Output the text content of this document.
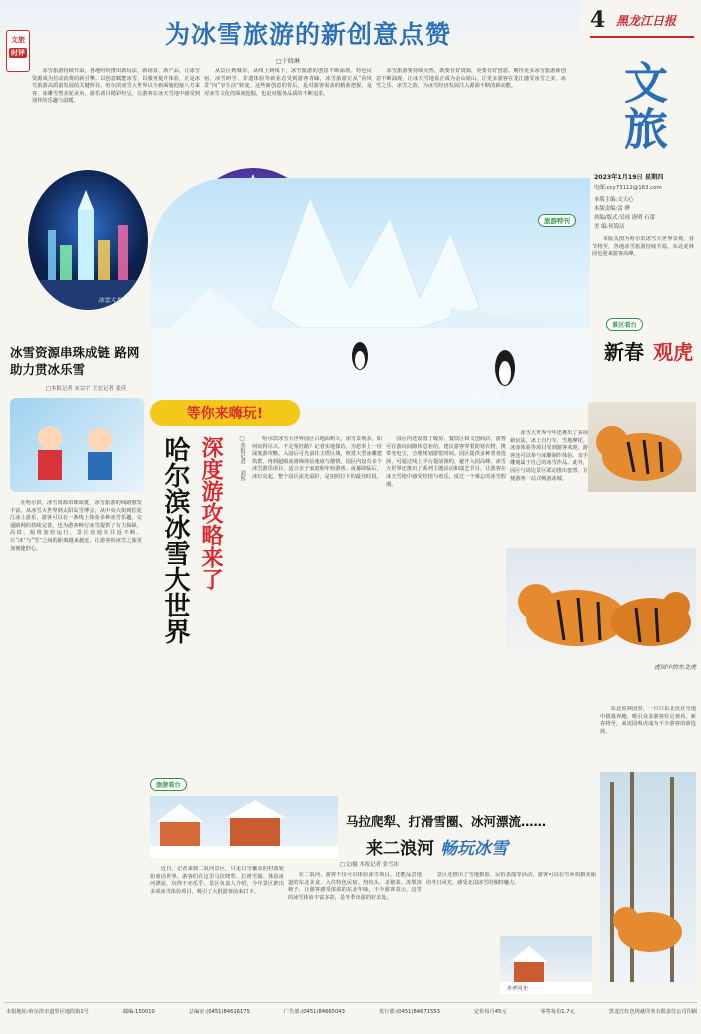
为冰雪旅游的新创意点赞
□于晓琳
文旅
时评
　　冰雪旅游持续升温，各地纷纷推出新玩法、新场景、新产品，让冰雪资源成为拉动消费的新引擎。以创意赋能冰雪，以服务提升体验，正是冰雪旅游高质量发展的关键所在。哈尔滨冰雪大世界以全新面貌迎接八方来客，冰雕雪塑美轮美奂，游乐项目精彩纷呈，让游客在冰天雪地中感受到别样的乐趣与温暖。
　　从景区到城市，从线上到线下，冰雪旅游的创意不断涌现。特色民宿、冰雪研学、非遗体验等新业态受到游客青睐，冰雪旅游正从“看风景”向“享生活”转变。这些新创意的背后，是对游客需求的精准把握，是对冰雪文化的深度挖掘，也是对服务品质的不断追求。
　　冰雪旅游要持续火热，既要有好资源，更要有好创意。期待更多冰雪旅游新创意不断涌现，让冰天雪地真正成为金山银山，让更多游客在龙江感受冰雪之美、冰雪之乐、冰雪之韵，为冰雪经济发展注入源源不断的新动能。
4 黑龙江日报
文旅
2023年1月19日 星期四
电邮:ccy73112@163.com
本版主编:文天心
本版责编:雷 晔
执编/版式:吴琼 唐明 石蕾
美 编:何海洁
冰雪大世界
旅游特刊
冰雪大世界
冰雪资源串珠成链 路网助力贯冰乐雪
□本报记者 宋宗宇 王宏记者 张佳
　　在哈尔滨，冰雪资源串珠成链，冰雪旅游的线路愈发丰富。从冰雪大世界到太阳岛雪博会，从中央大街到松花江冰上游乐，游客可以在一条线上体验多种冰雪乐趣。交通路网的持续完善，也为游客畅行冰雪提供了有力保障，高铁、航班加密运行，景区直通车往返不断，让“冰”与“雪”之间的距离越来越近，让游客的冰雪之旅更加便捷舒心。
等你来嗨玩!
深度游攻略来了
哈尔滨冰雪大世界	□本报记者 刘彤 　　哈尔滨冰雪大世界园区占地面积大、冰雪景观多，如何玩得尽兴、不走冤枉路？记者实地探访，为您奉上一份深度游攻略。入园后可先前往主塔区域，欣赏大型冰雕建筑群，再到超级冰滑梯体验速度与激情。园区内设有多个冰雪游乐项目，适合亲子家庭和年轻游客。夜幕降临后，冰灯亮起，整个园区流光溢彩，是拍照打卡的最佳时段。
　　园区内还设置了暖房、餐饮区和文创商店，游客可在游玩间隙休息补给。建议游客穿着防寒衣物，携带充电宝，合理规划游览时间。园区提供多种票务选择，可通过线上平台提前预约，避开入园高峰。冰雪大世界还推出了系列主题活动和演艺节目，让游客在冰天雪地中感受热情与欢乐，度过一个难忘的冰雪假期。
　　冰雪大世界今年还推出了多项新玩法，冰上自行车、雪地摩托、冰壶体验等项目受到游客欢迎。游客还可以参与冰雕制作体验，亲手雕刻属于自己的冰雪作品。此外，园区与周边景区联动推出套票，方便游客一站式畅游冰城。
　　本版头图为哈尔滨冰雪大世界景观。春节将至，各地冰雪旅游持续升温，东北虎林园也迎来游客高峰。
景区看台
新春 观虎
虎园中的东北虎
　　东北虎林园里，一只只东北虎在雪地中嬉戏奔跑，吸引众多游客驻足观看。新春将至，来虎园观虎成为不少游客的新选择。
旅游看台
马拉爬犁、打滑雪圈、冰河漂流……
来二浪河 畅玩冰雪
□文/摄 本报记者 张雪冰
　　近日，记者来到二浪河景区，只见白雪覆盖的村落宛如童话世界，游客们在这里马拉爬犁、打滑雪圈、体验冰河漂流，玩得不亦乐乎。景区负责人介绍，今年景区推出多项冰雪体验项目，吸引了大批游客前来打卡。
　　在二浪河，游客不仅可以体验冰雪项目，还能品尝地道的东北美食，入住特色民宿。热炕头、杀猪菜、冻梨冻柿子，让游客感受浓浓的东北年味。不少游客表示，这里的冰雪体验丰富多彩，是冬季出游的好去处。
　　景区还推出了雪地摄影、民俗表演等活动，游客可以在雪乡拍摄美丽的冬日风光，感受北国冰雪的独特魅力。
冬季风光
本报地址:哈尔滨市道里区地段街1号	邮编:150010	总编室:(0451)84616175	广告部:(0451)84665043	发行部:(0451)84671553	定价每月45元	零售每份1.7元	黑龙江红色铸就印务有限责任公司印刷
